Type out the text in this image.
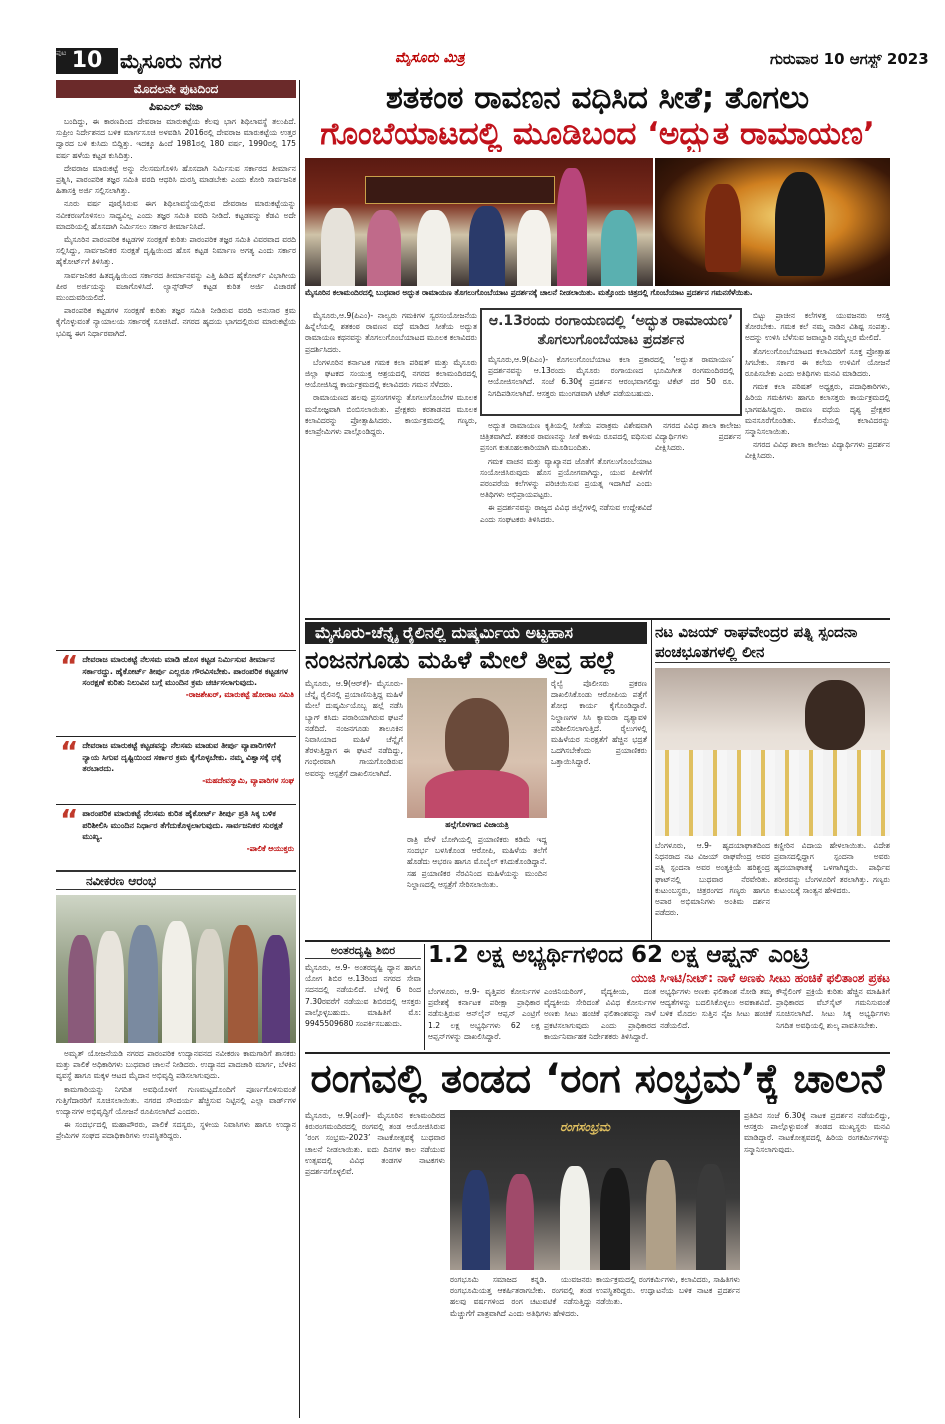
10
ಪುಟ	ಮೈಸೂರು ನಗರ	ಮೈಸೂರು ಮಿತ್ರ	ಗುರುವಾರ 10 ಆಗಸ್ಟ್ 2023
ಮೊದಲನೇ ಪುಟದಿಂದ
ಪಿಐಎಲ್ ವಜಾ

ಬಂದಿದ್ದು, ಈ ಕಾರಣದಿಂದ ದೇವರಾಜ ಮಾರುಕಟ್ಟೆಯ ಕೆಲವು ಭಾಗ ಶಿಥಿಲಾವಸ್ಥೆ ತಲುಪಿದೆ. ಸುಪ್ರೀಂ ನಿರ್ದೇಶನದ ಬಳಿಕ ಮಾರ್ಗಸೂಚಿ ಅಳವಡಿಸಿ 2016ರಲ್ಲಿ ದೇವರಾಜ ಮಾರುಕಟ್ಟೆಯ ಉತ್ತರ ದ್ವಾರದ ಬಳಿ ಕುಸಿದು ಬಿದ್ದಿತ್ತು. ಇದಕ್ಕೂ ಹಿಂದೆ 1981ರಲ್ಲಿ 180 ವರ್ಷ, 1990ರಲ್ಲಿ 175 ವರ್ಷ ಹಳೆಯ ಕಟ್ಟಡ ಕುಸಿದಿತ್ತು.

ದೇವರಾಜ ಮಾರುಕಟ್ಟೆ ಅನ್ನು ನೆಲಸಮಗೊಳಿಸಿ ಹೊಸದಾಗಿ ನಿರ್ಮಿಸುವ ಸರ್ಕಾರದ ತೀರ್ಮಾನ ಪ್ರಶ್ನಿಸಿ, ಪಾರಂಪರಿಕ ತಜ್ಞರ ಸಮಿತಿ ವರದಿ ಆಧರಿಸಿ ದುರಸ್ತಿ ಮಾಡಬೇಕು ಎಂದು ಕೋರಿ ಸಾರ್ವಜನಿಕ ಹಿತಾಸಕ್ತಿ ಅರ್ಜಿ ಸಲ್ಲಿಸಲಾಗಿತ್ತು.

ನೂರು ವರ್ಷ ಪೂರೈಸಿರುವ ಈಗ ಶಿಥಿಲಾವಸ್ಥೆಯಲ್ಲಿರುವ ದೇವರಾಜ ಮಾರುಕಟ್ಟೆಯನ್ನು ನವೀಕರಣಗೊಳಿಸಲು ಸಾಧ್ಯವಿಲ್ಲ ಎಂದು ತಜ್ಞರ ಸಮಿತಿ ವರದಿ ನೀಡಿದೆ. ಕಟ್ಟಡವನ್ನು ಕೆಡವಿ ಅದೇ ಮಾದರಿಯಲ್ಲಿ ಹೊಸದಾಗಿ ನಿರ್ಮಿಸಲು ಸರ್ಕಾರ ತೀರ್ಮಾನಿಸಿದೆ.

ಮೈಸೂರಿನ ಪಾರಂಪರಿಕ ಕಟ್ಟಡಗಳ ಸಂರಕ್ಷಣೆ ಕುರಿತು ಪಾರಂಪರಿಕ ತಜ್ಞರ ಸಮಿತಿ ವಿವರವಾದ ವರದಿ ಸಲ್ಲಿಸಿದ್ದು, ಸಾರ್ವಜನಿಕರ ಸುರಕ್ಷತೆ ದೃಷ್ಟಿಯಿಂದ ಹೊಸ ಕಟ್ಟಡ ನಿರ್ಮಾಣ ಅಗತ್ಯ ಎಂದು ಸರ್ಕಾರ ಹೈಕೋರ್ಟ್‌ಗೆ ತಿಳಿಸಿತ್ತು.

ಸಾರ್ವಜನಿಕರ ಹಿತದೃಷ್ಟಿಯಿಂದ ಸರ್ಕಾರದ ತೀರ್ಮಾನವನ್ನು ಎತ್ತಿ ಹಿಡಿದ ಹೈಕೋರ್ಟ್ ವಿಭಾಗೀಯ ಪೀಠ ಅರ್ಜಿಯನ್ನು ವಜಾಗೊಳಿಸಿದೆ. ಲ್ಯಾನ್ಸ್‌ಡೌನ್ ಕಟ್ಟಡ ಕುರಿತ ಅರ್ಜಿ ವಿಚಾರಣೆ ಮುಂದುವರಿಯಲಿದೆ.

ಪಾರಂಪರಿಕ ಕಟ್ಟಡಗಳ ಸಂರಕ್ಷಣೆ ಕುರಿತು ತಜ್ಞರ ಸಮಿತಿ ನೀಡಿರುವ ವರದಿ ಅನುಸಾರ ಕ್ರಮ ಕೈಗೊಳ್ಳುವಂತೆ ನ್ಯಾಯಾಲಯ ಸರ್ಕಾರಕ್ಕೆ ಸೂಚಿಸಿದೆ. ನಗರದ ಹೃದಯ ಭಾಗದಲ್ಲಿರುವ ಮಾರುಕಟ್ಟೆಯ ಭವಿಷ್ಯ ಈಗ ನಿರ್ಧಾರವಾಗಿದೆ.

“ ದೇವರಾಜ ಮಾರುಕಟ್ಟೆ ನೆಲಸಮ ಮಾಡಿ ಹೊಸ ಕಟ್ಟಡ ನಿರ್ಮಿಸುವ ತೀರ್ಮಾನ ಸರ್ಕಾರದ್ದು. ಹೈಕೋರ್ಟ್ ತೀರ್ಪು ಎಲ್ಲರೂ ಗೌರವಿಸಬೇಕು. ಪಾರಂಪರಿಕ ಕಟ್ಟಡಗಳ ಸಂರಕ್ಷಣೆ ಕುರಿತು ನಿಲುವಿನ ಬಗ್ಗೆ ಮುಂದಿನ ಕ್ರಮ ಚರ್ಚಿಸಲಾಗುವುದು.
-ರಾಜಶೇಖರ್, ಮಾರುಕಟ್ಟೆ ಹೋರಾಟ ಸಮಿತಿ
“ ದೇವರಾಜ ಮಾರುಕಟ್ಟೆ ಕಟ್ಟಡವನ್ನು ನೆಲಸಮ ಮಾಡುವ ತೀರ್ಪು ವ್ಯಾಪಾರಿಗಳಿಗೆ ನ್ಯಾಯ ಸಿಗುವ ದೃಷ್ಟಿಯಿಂದ ಸರ್ಕಾರ ಕ್ರಮ ಕೈಗೊಳ್ಳಬೇಕು. ನಮ್ಮ ವಿಶ್ವಾಸಕ್ಕೆ ಧಕ್ಕೆ ತರಬಾರದು.
-ಮಹದೇವಸ್ವಾಮಿ, ವ್ಯಾಪಾರಿಗಳ ಸಂಘ
“ ಪಾರಂಪರಿಕ ಮಾರುಕಟ್ಟೆ ನೆಲಸಮ ಕುರಿತ ಹೈಕೋರ್ಟ್ ತೀರ್ಪು ಪ್ರತಿ ಸಿಕ್ಕ ಬಳಿಕ ಪರಿಶೀಲಿಸಿ ಮುಂದಿನ ನಿರ್ಧಾರ ತೆಗೆದುಕೊಳ್ಳಲಾಗುವುದು. ಸಾರ್ವಜನಿಕರ ಸುರಕ್ಷತೆ ಮುಖ್ಯ.
-ಪಾಲಿಕೆ ಆಯುಕ್ತರು
ನವೀಕರಣ ಆರಂಭ

ಅಮೃತ್ ಯೋಜನೆಯಡಿ ನಗರದ ಪಾರಂಪರಿಕ ಉದ್ಯಾನವನದ ನವೀಕರಣ ಕಾಮಗಾರಿಗೆ ಶಾಸಕರು ಮತ್ತು ಪಾಲಿಕೆ ಅಧಿಕಾರಿಗಳು ಬುಧವಾರ ಚಾಲನೆ ನೀಡಿದರು. ಉದ್ಯಾನದ ಪಾದಚಾರಿ ಮಾರ್ಗ, ಬೆಳಕಿನ ವ್ಯವಸ್ಥೆ ಹಾಗೂ ಮಕ್ಕಳ ಆಟದ ಮೈದಾನ ಅಭಿವೃದ್ಧಿ ಪಡಿಸಲಾಗುವುದು.

ಕಾಮಗಾರಿಯನ್ನು ನಿಗದಿತ ಅವಧಿಯೊಳಗೆ ಗುಣಮಟ್ಟದೊಂದಿಗೆ ಪೂರ್ಣಗೊಳಿಸುವಂತೆ ಗುತ್ತಿಗೆದಾರರಿಗೆ ಸೂಚಿಸಲಾಯಿತು. ನಗರದ ಸೌಂದರ್ಯ ಹೆಚ್ಚಿಸುವ ನಿಟ್ಟಿನಲ್ಲಿ ಎಲ್ಲಾ ವಾರ್ಡ್‌ಗಳ ಉದ್ಯಾನಗಳ ಅಭಿವೃದ್ಧಿಗೆ ಯೋಜನೆ ರೂಪಿಸಲಾಗಿದೆ ಎಂದರು.

ಈ ಸಂದರ್ಭದಲ್ಲಿ ಮಹಾಪೌರರು, ಪಾಲಿಕೆ ಸದಸ್ಯರು, ಸ್ಥಳೀಯ ನಿವಾಸಿಗಳು ಹಾಗೂ ಉದ್ಯಾನ ಪ್ರೇಮಿಗಳ ಸಂಘದ ಪದಾಧಿಕಾರಿಗಳು ಉಪಸ್ಥಿತರಿದ್ದರು.

ಶತಕಂಠ ರಾವಣನ ವಧಿಸಿದ ಸೀತೆ; ತೊಗಲು
ಗೊಂಬೆಯಾಟದಲ್ಲಿ ಮೂಡಿಬಂದ ‘ಅದ್ಭುತ ರಾಮಾಯಣ’
ಮೈಸೂರಿನ ಕಲಾಮಂದಿರದಲ್ಲಿ ಬುಧವಾರ ಅದ್ಭುತ ರಾಮಾಯಣ ತೊಗಲುಗೊಂಬೆಯಾಟ ಪ್ರದರ್ಶನಕ್ಕೆ ಚಾಲನೆ ನೀಡಲಾಯಿತು. ಮತ್ತೊಂದು ಚಿತ್ರದಲ್ಲಿ ಗೊಂಬೆಯಾಟ ಪ್ರದರ್ಶನ ಗಮನಸೆಳೆಯಿತು.

ಮೈಸೂರು,ಆ.9(ಪಿಎಂ)- ನಾಲ್ವರು ಗಮಕಿಗಳ ಸ್ವರಸಂಯೋಜನೆಯ ಹಿನ್ನೆಲೆಯಲ್ಲಿ ಶತಕಂಠ ರಾವಣನ ವಧೆ ಮಾಡಿದ ಸೀತೆಯ ಅದ್ಭುತ ರಾಮಾಯಣ ಕಥನವನ್ನು ತೊಗಲುಗೊಂಬೆಯಾಟದ ಮೂಲಕ ಕಲಾವಿದರು ಪ್ರದರ್ಶಿಸಿದರು.

ಬೆಂಗಳೂರಿನ ಕರ್ನಾಟಕ ಗಮಕ ಕಲಾ ಪರಿಷತ್ ಮತ್ತು ಮೈಸೂರು ಜಿಲ್ಲಾ ಘಟಕದ ಸಂಯುಕ್ತ ಆಶ್ರಯದಲ್ಲಿ ನಗರದ ಕಲಾಮಂದಿರದಲ್ಲಿ ಆಯೋಜಿಸಿದ್ದ ಕಾರ್ಯಕ್ರಮದಲ್ಲಿ ಕಲಾವಿದರು ಗಮನ ಸೆಳೆದರು.

ರಾಮಾಯಣದ ಹಲವು ಪ್ರಸಂಗಗಳನ್ನು ತೊಗಲುಗೊಂಬೆಗಳ ಮೂಲಕ ಮನೋಜ್ಞವಾಗಿ ಬಿಂಬಿಸಲಾಯಿತು. ಪ್ರೇಕ್ಷಕರು ಕರತಾಡನದ ಮೂಲಕ ಕಲಾವಿದರನ್ನು ಪ್ರೋತ್ಸಾಹಿಸಿದರು. ಕಾರ್ಯಕ್ರಮದಲ್ಲಿ ಗಣ್ಯರು, ಕಲಾಪ್ರೇಮಿಗಳು ಪಾಲ್ಗೊಂಡಿದ್ದರು.

ಆ.13ರಂದು ರಂಗಾಯಣದಲ್ಲಿ ‘ಅದ್ಭುತ ರಾಮಾಯಣ’ ತೊಗಲುಗೊಂಬೆಯಾಟ ಪ್ರದರ್ಶನ
ಮೈಸೂರು,ಆ.9(ಪಿಎಂ)- ಕೊಗಲುಗೊಂಬೆಯಾಟ ಕಲಾ ಪ್ರಕಾರದಲ್ಲಿ ‘ಅದ್ಭುತ ರಾಮಾಯಣ’ ಪ್ರದರ್ಶನವನ್ನು ಆ.13ರಂದು ಮೈಸೂರು ರಂಗಾಯಣದ ಭೂಮಿಗೀತ ರಂಗಮಂದಿರದಲ್ಲಿ ಆಯೋಜಿಸಲಾಗಿದೆ. ಸಂಜೆ 6.30ಕ್ಕೆ ಪ್ರದರ್ಶನ ಆರಂಭವಾಗಲಿದ್ದು ಟಿಕೆಟ್ ದರ 50 ರೂ. ನಿಗದಿಪಡಿಸಲಾಗಿದೆ. ಆಸಕ್ತರು ಮುಂಗಡವಾಗಿ ಟಿಕೆಟ್ ಪಡೆಯಬಹುದು.

ಅದ್ಭುತ ರಾಮಾಯಣ ಕೃತಿಯಲ್ಲಿ ಸೀತೆಯ ಪರಾಕ್ರಮ ವಿಶೇಷವಾಗಿ ಚಿತ್ರಿತವಾಗಿದೆ. ಶತಕಂಠ ರಾವಣನನ್ನು ಸೀತೆ ಕಾಳಿಯ ರೂಪದಲ್ಲಿ ವಧಿಸುವ ಪ್ರಸಂಗ ಕುತೂಹಲಕಾರಿಯಾಗಿ ಮೂಡಿಬಂದಿತು.

ಗಮಕ ವಾಚನ ಮತ್ತು ವ್ಯಾಖ್ಯಾನದ ಜೊತೆಗೆ ತೊಗಲುಗೊಂಬೆಯಾಟ ಸಂಯೋಜಿಸಿರುವುದು ಹೊಸ ಪ್ರಯೋಗವಾಗಿದ್ದು, ಯುವ ಪೀಳಿಗೆಗೆ ಪರಂಪರೆಯ ಕಲೆಗಳನ್ನು ಪರಿಚಯಿಸುವ ಪ್ರಯತ್ನ ಇದಾಗಿದೆ ಎಂದು ಅತಿಥಿಗಳು ಅಭಿಪ್ರಾಯಪಟ್ಟರು.

ಈ ಪ್ರದರ್ಶನವನ್ನು ರಾಜ್ಯದ ವಿವಿಧ ಜಿಲ್ಲೆಗಳಲ್ಲಿ ನಡೆಸುವ ಉದ್ದೇಶವಿದೆ ಎಂದು ಸಂಘಟಕರು ತಿಳಿಸಿದರು.

ಬಿಟ್ಟು ಪ್ರಾಚೀನ ಕಲೆಗಳತ್ತ ಯುವಜನರು ಆಸಕ್ತಿ ತೋರಬೇಕು. ಗಮಕ ಕಲೆ ನಮ್ಮ ನಾಡಿನ ವಿಶಿಷ್ಟ ಸಂಪತ್ತು. ಅದನ್ನು ಉಳಿಸಿ ಬೆಳೆಸುವ ಜವಾಬ್ದಾರಿ ನಮ್ಮೆಲ್ಲರ ಮೇಲಿದೆ.

ತೊಗಲುಗೊಂಬೆಯಾಟದ ಕಲಾವಿದರಿಗೆ ಸೂಕ್ತ ಪ್ರೋತ್ಸಾಹ ಸಿಗಬೇಕು. ಸರ್ಕಾರ ಈ ಕಲೆಯ ಉಳಿವಿಗೆ ಯೋಜನೆ ರೂಪಿಸಬೇಕು ಎಂದು ಅತಿಥಿಗಳು ಮನವಿ ಮಾಡಿದರು.

ಗಮಕ ಕಲಾ ಪರಿಷತ್ ಅಧ್ಯಕ್ಷರು, ಪದಾಧಿಕಾರಿಗಳು, ಹಿರಿಯ ಗಮಕಿಗಳು ಹಾಗೂ ಕಲಾಸಕ್ತರು ಕಾರ್ಯಕ್ರಮದಲ್ಲಿ ಭಾಗವಹಿಸಿದ್ದರು. ರಾವಣ ವಧೆಯ ದೃಶ್ಯ ಪ್ರೇಕ್ಷಕರ ಮನಸೂರೆಗೊಂಡಿತು. ಕೊನೆಯಲ್ಲಿ ಕಲಾವಿದರನ್ನು ಸನ್ಮಾನಿಸಲಾಯಿತು.

ನಗರದ ವಿವಿಧ ಶಾಲಾ ಕಾಲೇಜು ವಿದ್ಯಾರ್ಥಿಗಳು ಪ್ರದರ್ಶನ ವೀಕ್ಷಿಸಿದರು.

ನಗರದ ವಿವಿಧ ಶಾಲಾ ಕಾಲೇಜು ವಿದ್ಯಾರ್ಥಿಗಳು ಪ್ರದರ್ಶನ ವೀಕ್ಷಿಸಿದರು.

ಮೈಸೂರು-ಚೆನ್ನೈ ರೈಲಿನಲ್ಲಿ ದುಷ್ಕರ್ಮಿಯ ಅಟ್ಟಹಾಸ
ನಂಜನಗೂಡು ಮಹಿಳೆ ಮೇಲೆ ತೀವ್ರ ಹಲ್ಲೆ
ಮೈಸೂರು, ಆ.9(ಆರ್‌ಕೆ)- ಮೈಸೂರು-ಚೆನ್ನೈ ರೈಲಿನಲ್ಲಿ ಪ್ರಯಾಣಿಸುತ್ತಿದ್ದ ಮಹಿಳೆ ಮೇಲೆ ದುಷ್ಕರ್ಮಿಯೊಬ್ಬ ಹಲ್ಲೆ ನಡೆಸಿ ಬ್ಯಾಗ್ ಕಸಿದು ಪರಾರಿಯಾಗಿರುವ ಘಟನೆ ನಡೆದಿದೆ. ನಂಜನಗೂಡು ತಾಲೂಕಿನ ನಿವಾಸಿಯಾದ ಮಹಿಳೆ ಚೆನ್ನೈಗೆ ತೆರಳುತ್ತಿದ್ದಾಗ ಈ ಘಟನೆ ನಡೆದಿದ್ದು, ಗಂಭೀರವಾಗಿ ಗಾಯಗೊಂಡಿರುವ ಅವರನ್ನು ಆಸ್ಪತ್ರೆಗೆ ದಾಖಲಿಸಲಾಗಿದೆ.
ಹಲ್ಲೆಗೊಳಗಾದ ವಿಜಾಯತ್ರಿ
ರಾತ್ರಿ ವೇಳೆ ಬೋಗಿಯಲ್ಲಿ ಪ್ರಯಾಣಿಕರು ಕಡಿಮೆ ಇದ್ದ ಸಂದರ್ಭ ಬಳಸಿಕೊಂಡ ಆರೋಪಿ, ಮಹಿಳೆಯ ತಲೆಗೆ ಹೊಡೆದು ಆಭರಣ ಹಾಗೂ ಮೊಬೈಲ್ ಕಸಿದುಕೊಂಡಿದ್ದಾನೆ. ಸಹ ಪ್ರಯಾಣಿಕರ ನೆರವಿನಿಂದ ಮಹಿಳೆಯನ್ನು ಮುಂದಿನ ನಿಲ್ದಾಣದಲ್ಲಿ ಆಸ್ಪತ್ರೆಗೆ ಸೇರಿಸಲಾಯಿತು.
ರೈಲ್ವೆ ಪೊಲೀಸರು ಪ್ರಕರಣ ದಾಖಲಿಸಿಕೊಂಡು ಆರೋಪಿಯ ಪತ್ತೆಗೆ ಶೋಧ ಕಾರ್ಯ ಕೈಗೊಂಡಿದ್ದಾರೆ. ನಿಲ್ದಾಣಗಳ ಸಿಸಿ ಕ್ಯಾಮರಾ ದೃಶ್ಯಾವಳಿ ಪರಿಶೀಲಿಸಲಾಗುತ್ತಿದೆ. ರೈಲುಗಳಲ್ಲಿ ಮಹಿಳೆಯರ ಸುರಕ್ಷತೆಗೆ ಹೆಚ್ಚಿನ ಭದ್ರತೆ ಒದಗಿಸಬೇಕೆಂದು ಪ್ರಯಾಣಿಕರು ಒತ್ತಾಯಿಸಿದ್ದಾರೆ.
ನಟ ವಿಜಯ್ ರಾಘವೇಂದ್ರರ ಪತ್ನಿ ಸ್ಪಂದನಾ ಪಂಚಭೂತಗಳಲ್ಲಿ ಲೀನ
ಬೆಂಗಳೂರು, ಆ.9- ಹೃದಯಾಘಾತದಿಂದ ನಿಧನರಾದ ನಟ ವಿಜಯ್ ರಾಘವೇಂದ್ರ ಅವರ ಪತ್ನಿ ಸ್ಪಂದನಾ ಅವರ ಅಂತ್ಯಕ್ರಿಯೆ ಹರಿಶ್ಚಂದ್ರ ಘಾಟ್‌ನಲ್ಲಿ ಬುಧವಾರ ನೆರವೇರಿತು. ಕುಟುಂಬಸ್ಥರು, ಚಿತ್ರರಂಗದ ಗಣ್ಯರು ಹಾಗೂ ಅಪಾರ ಅಭಿಮಾನಿಗಳು ಅಂತಿಮ ದರ್ಶನ ಪಡೆದರು.
ಕಣ್ಣೀರಿನ ವಿದಾಯ ಹೇಳಲಾಯಿತು. ವಿದೇಶ ಪ್ರವಾಸದಲ್ಲಿದ್ದಾಗ ಸ್ಪಂದನಾ ಅವರು ಹೃದಯಾಘಾತಕ್ಕೆ ಒಳಗಾಗಿದ್ದರು. ಪಾರ್ಥಿವ ಶರೀರವನ್ನು ಬೆಂಗಳೂರಿಗೆ ತರಲಾಗಿತ್ತು. ಗಣ್ಯರು ಕುಟುಂಬಕ್ಕೆ ಸಾಂತ್ವನ ಹೇಳಿದರು.
ಅಂತರದೃಷ್ಟಿ ಶಿಬಿರ
ಮೈಸೂರು, ಆ.9- ಅಂತರದೃಷ್ಟಿ ಧ್ಯಾನ ಹಾಗೂ ಯೋಗ ಶಿಬಿರ ಆ.13ರಿಂದ ನಗರದ ಸೇವಾ ಸದನದಲ್ಲಿ ನಡೆಯಲಿದೆ. ಬೆಳಿಗ್ಗೆ 6 ರಿಂದ 7.30ರವರೆಗೆ ನಡೆಯುವ ಶಿಬಿರದಲ್ಲಿ ಆಸಕ್ತರು ಪಾಲ್ಗೊಳ್ಳಬಹುದು. ಮಾಹಿತಿಗೆ ಮೊ: 9945509680 ಸಂಪರ್ಕಿಸಬಹುದು.
1.2 ಲಕ್ಷ ಅಭ್ಯರ್ಥಿಗಳಿಂದ 62 ಲಕ್ಷ ಆಪ್ಷನ್ ಎಂಟ್ರಿ
ಯುಜಿ ಸಿಇಟಿ/ನೀಟ್: ನಾಳೆ ಅಣಕು ಸೀಟು ಹಂಚಿಕೆ ಫಲಿತಾಂಶ ಪ್ರಕಟ
ಬೆಂಗಳೂರು, ಆ.9- ವೃತ್ತಿಪರ ಕೋರ್ಸುಗಳ ಪ್ರವೇಶಕ್ಕೆ ಕರ್ನಾಟಕ ಪರೀಕ್ಷಾ ಪ್ರಾಧಿಕಾರ ನಡೆಸುತ್ತಿರುವ ಆನ್‌ಲೈನ್ ಆಪ್ಷನ್ ಎಂಟ್ರಿಗೆ 1.2 ಲಕ್ಷ ಅಭ್ಯರ್ಥಿಗಳು 62 ಲಕ್ಷ ಆಪ್ಷನ್‌ಗಳನ್ನು ದಾಖಲಿಸಿದ್ದಾರೆ.
ಎಂಜಿನಿಯರಿಂಗ್, ವೈದ್ಯಕೀಯ, ದಂತ ವೈದ್ಯಕೀಯ ಸೇರಿದಂತೆ ವಿವಿಧ ಕೋರ್ಸುಗಳ ಅಣಕು ಸೀಟು ಹಂಚಿಕೆ ಫಲಿತಾಂಶವನ್ನು ನಾಳೆ ಪ್ರಕಟಿಸಲಾಗುವುದು ಎಂದು ಪ್ರಾಧಿಕಾರದ ಕಾರ್ಯನಿರ್ವಾಹಕ ನಿರ್ದೇಶಕರು ತಿಳಿಸಿದ್ದಾರೆ.
ಅಭ್ಯರ್ಥಿಗಳು ಅಣಕು ಫಲಿತಾಂಶ ನೋಡಿ ತಮ್ಮ ಆದ್ಯತೆಗಳನ್ನು ಬದಲಿಸಿಕೊಳ್ಳಲು ಅವಕಾಶವಿದೆ. ಬಳಿಕ ಮೊದಲ ಸುತ್ತಿನ ನೈಜ ಸೀಟು ಹಂಚಿಕೆ ನಡೆಯಲಿದೆ.
ಕೌನ್ಸೆಲಿಂಗ್ ಪ್ರಕ್ರಿಯೆ ಕುರಿತು ಹೆಚ್ಚಿನ ಮಾಹಿತಿಗೆ ಪ್ರಾಧಿಕಾರದ ವೆಬ್‌ಸೈಟ್ ಗಮನಿಸುವಂತೆ ಸೂಚಿಸಲಾಗಿದೆ. ಸೀಟು ಸಿಕ್ಕ ಅಭ್ಯರ್ಥಿಗಳು ನಿಗದಿತ ಅವಧಿಯಲ್ಲಿ ಶುಲ್ಕ ಪಾವತಿಸಬೇಕು.
ರಂಗವಲ್ಲಿ ತಂಡದ ‘ರಂಗ ಸಂಭ್ರಮ’ಕ್ಕೆ ಚಾಲನೆ
ಮೈಸೂರು, ಆ.9(ಎಂಕೆ)- ಮೈಸೂರಿನ ಕಲಾಮಂದಿರದ ಕಿರುರಂಗಮಂದಿರದಲ್ಲಿ ರಂಗವಲ್ಲಿ ತಂಡ ಆಯೋಜಿಸಿರುವ ‘ರಂಗ ಸಂಭ್ರಮ-2023’ ನಾಟಕೋತ್ಸವಕ್ಕೆ ಬುಧವಾರ ಚಾಲನೆ ನೀಡಲಾಯಿತು. ಐದು ದಿನಗಳ ಕಾಲ ನಡೆಯುವ ಉತ್ಸವದಲ್ಲಿ ವಿವಿಧ ತಂಡಗಳ ನಾಟಕಗಳು ಪ್ರದರ್ಶನಗೊಳ್ಳಲಿವೆ.
ರಂಗಸಂಭ್ರಮ
ರಂಗಭೂಮಿ ಸಮಾಜದ ಕನ್ನಡಿ. ಯುವಜನರು ರಂಗಭೂಮಿಯತ್ತ ಆಕರ್ಷಿತರಾಗಬೇಕು. ರಂಗವಲ್ಲಿ ತಂಡ ಹಲವು ವರ್ಷಗಳಿಂದ ರಂಗ ಚಟುವಟಿಕೆ ನಡೆಸುತ್ತಿದ್ದು ಮೆಚ್ಚುಗೆಗೆ ಪಾತ್ರವಾಗಿದೆ ಎಂದು ಅತಿಥಿಗಳು ಹೇಳಿದರು.
ಕಾರ್ಯಕ್ರಮದಲ್ಲಿ ರಂಗಕರ್ಮಿಗಳು, ಕಲಾವಿದರು, ಸಾಹಿತಿಗಳು ಉಪಸ್ಥಿತರಿದ್ದರು. ಉದ್ಘಾಟನೆಯ ಬಳಿಕ ನಾಟಕ ಪ್ರದರ್ಶನ ನಡೆಯಿತು.
ಪ್ರತಿದಿನ ಸಂಜೆ 6.30ಕ್ಕೆ ನಾಟಕ ಪ್ರದರ್ಶನ ನಡೆಯಲಿದ್ದು, ಆಸಕ್ತರು ಪಾಲ್ಗೊಳ್ಳುವಂತೆ ತಂಡದ ಮುಖ್ಯಸ್ಥರು ಮನವಿ ಮಾಡಿದ್ದಾರೆ. ನಾಟಕೋತ್ಸವದಲ್ಲಿ ಹಿರಿಯ ರಂಗಕರ್ಮಿಗಳನ್ನು ಸನ್ಮಾನಿಸಲಾಗುವುದು.
